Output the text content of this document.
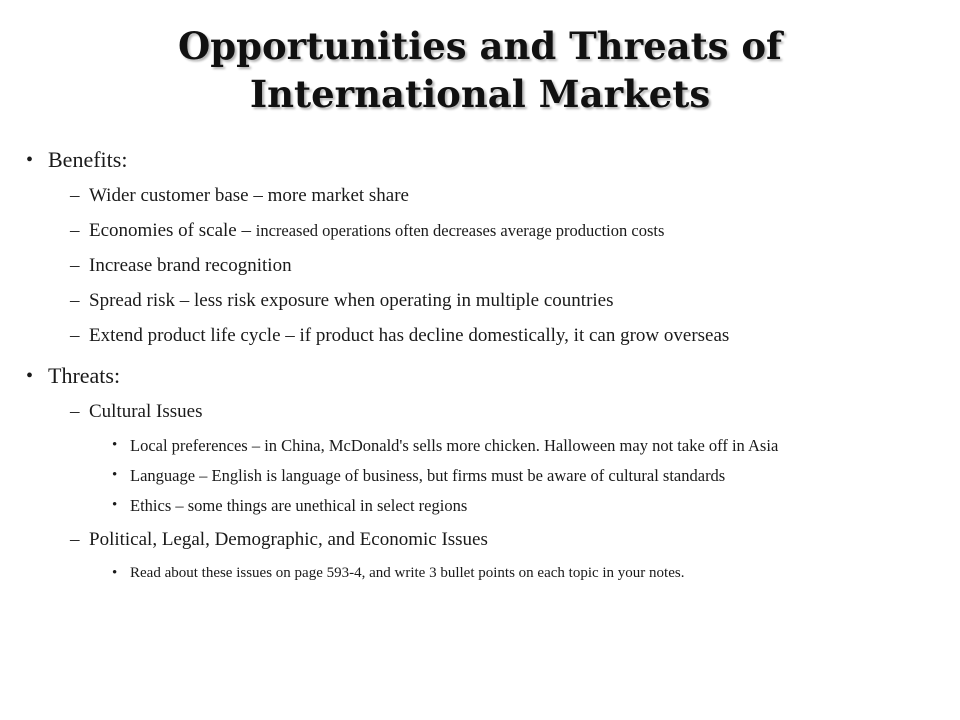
Opportunities and Threats of
International Markets
• Benefits:
– Wider customer base – more market share
– Economies of scale – increased operations often decreases average production costs
– Increase brand recognition
– Spread risk – less risk exposure when operating in multiple countries
– Extend product life cycle – if product has decline domestically, it can grow overseas
• Threats:
– Cultural Issues
• Local preferences – in China, McDonald's sells more chicken. Halloween may not take off in Asia
• Language – English is language of business, but firms must be aware of cultural standards
• Ethics – some things are unethical in select regions
– Political, Legal, Demographic, and Economic Issues
• Read about these issues on page 593-4, and write 3 bullet points on each topic in your notes.
